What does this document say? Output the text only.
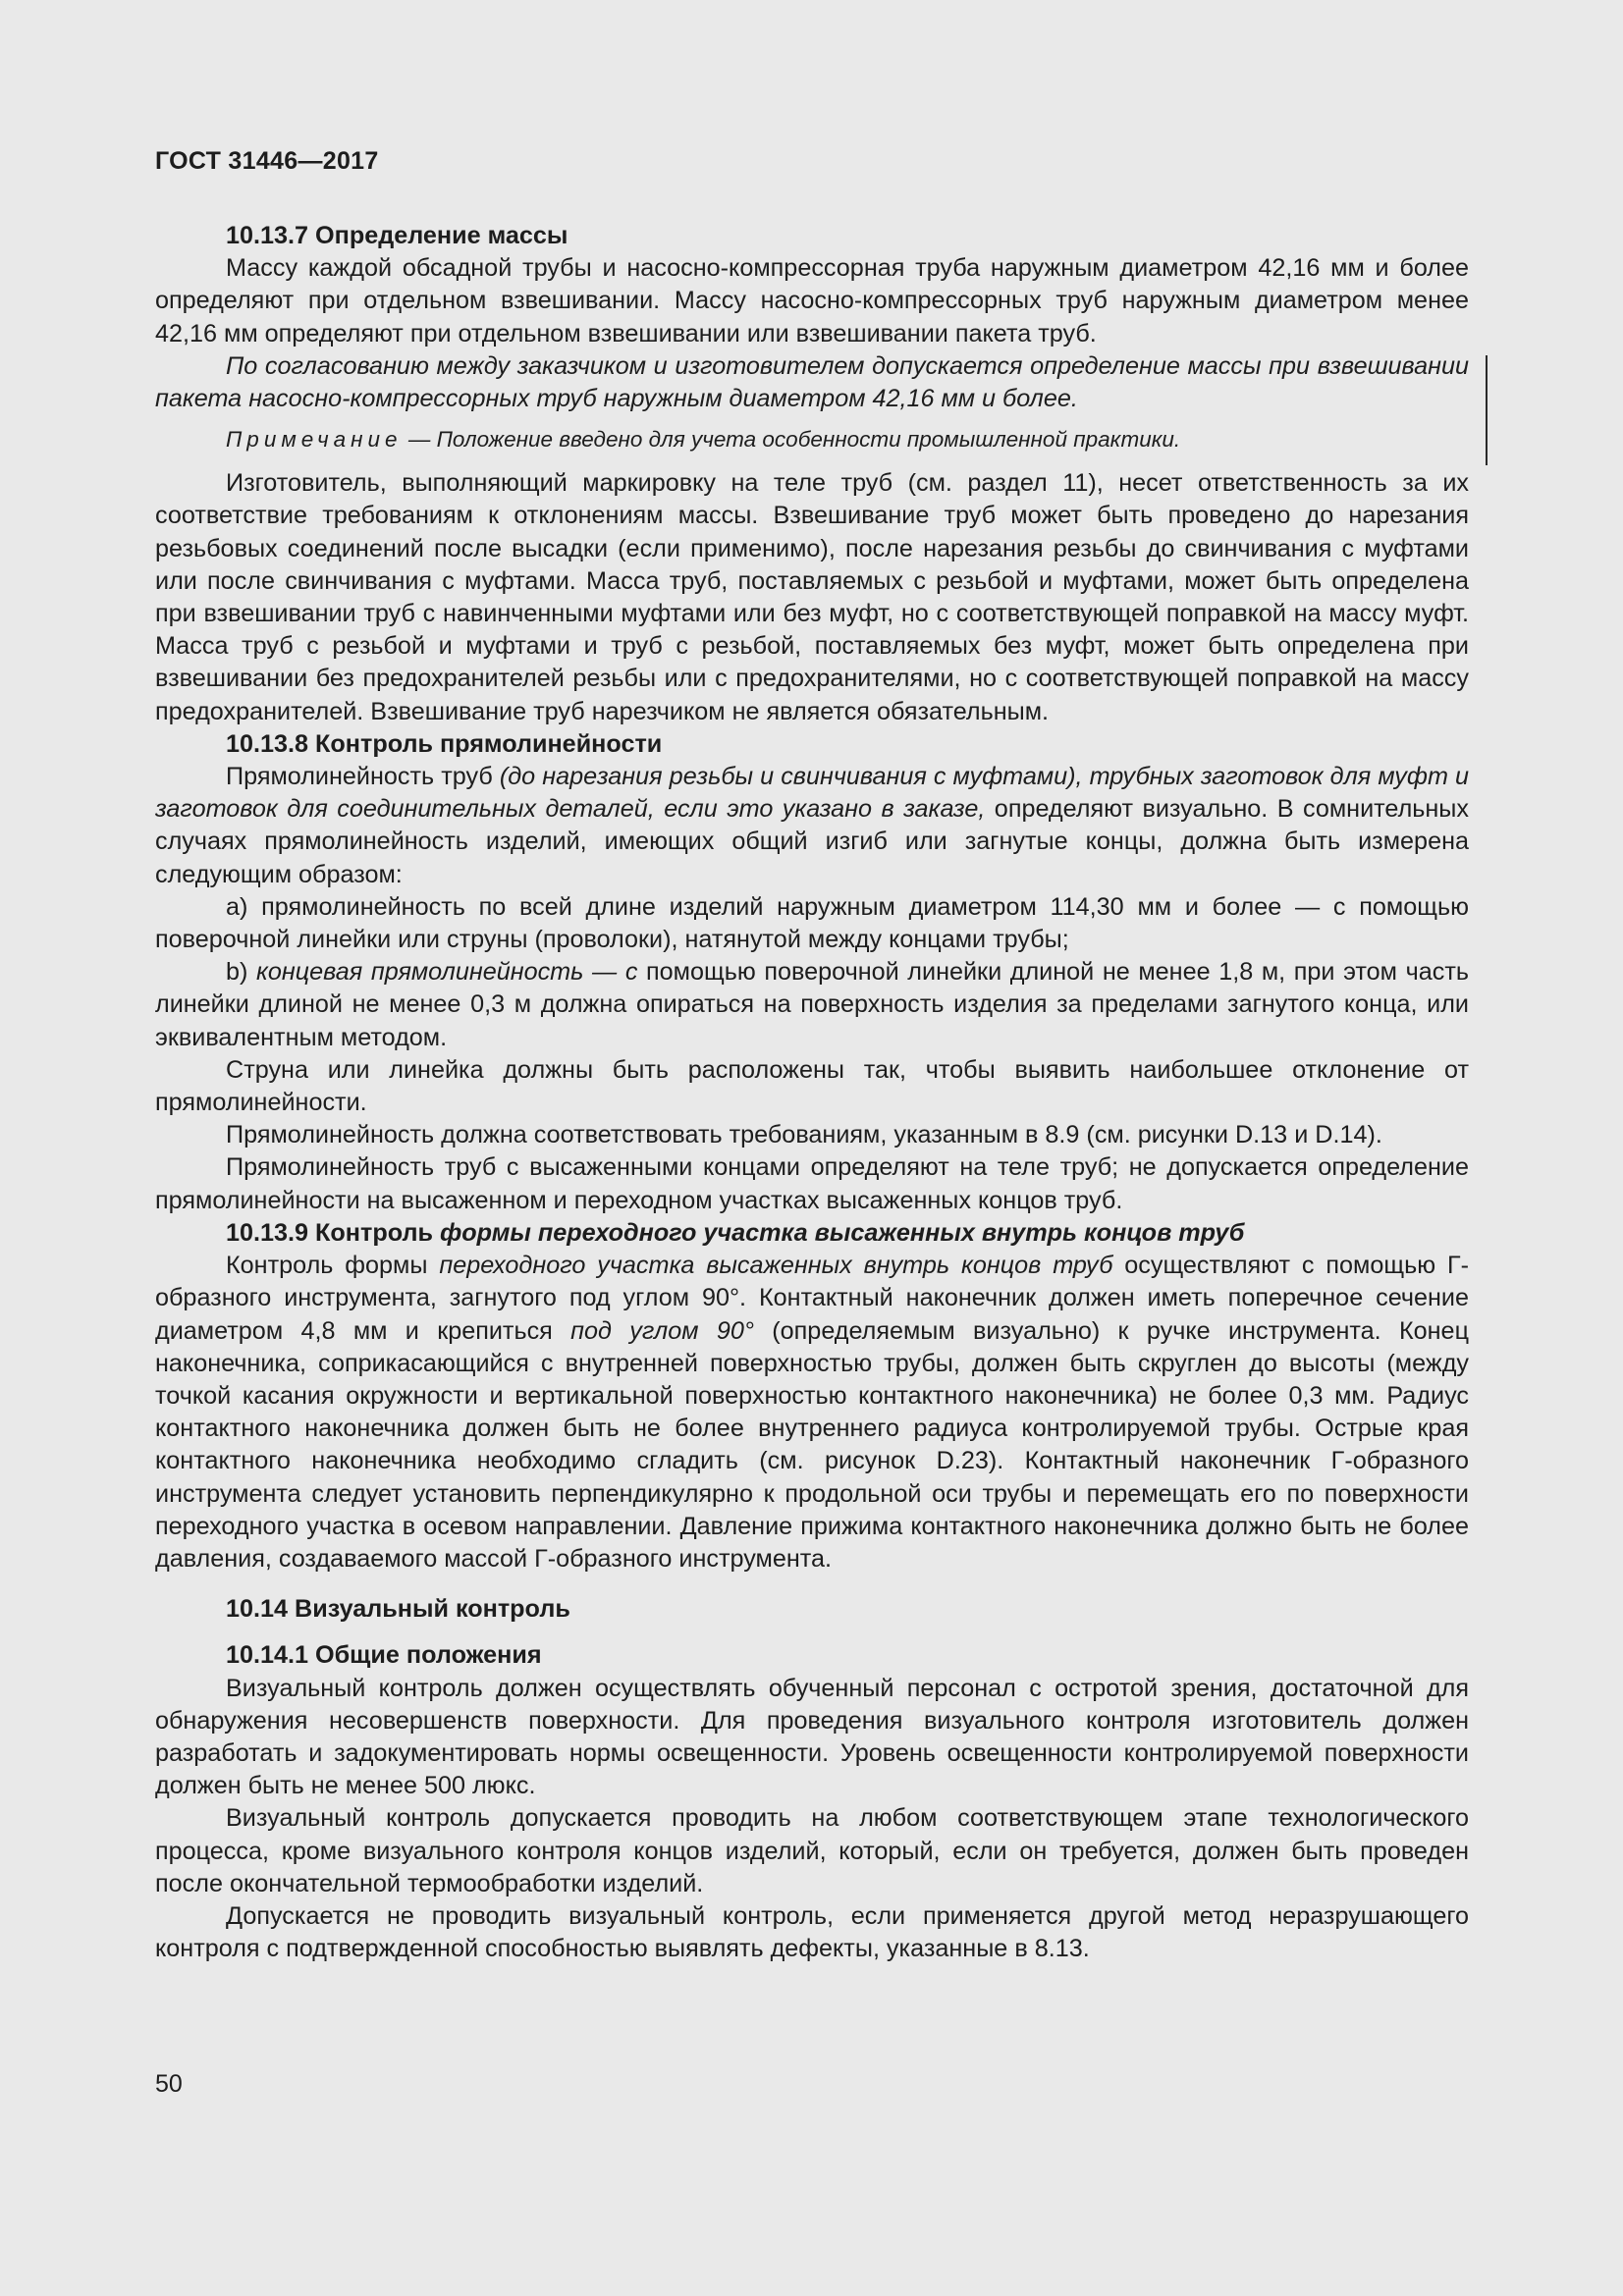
ГОСТ 31446—2017
10.13.7 Определение массы

Массу каждой обсадной трубы и насосно-компрессорная труба наружным диаметром 42,16 мм и более определяют при отдельном взвешивании. Массу насосно-компрессорных труб наружным диаметром менее 42,16 мм определяют при отдельном взвешивании или взвешивании пакета труб.

По согласованию между заказчиком и изготовителем допускается определение массы при взвешивании пакета насосно-компрессорных труб наружным диаметром 42,16 мм и более.

Примечание — Положение введено для учета особенности промышленной практики.

Изготовитель, выполняющий маркировку на теле труб (см. раздел 11), несет ответственность за их соответствие требованиям к отклонениям массы. Взвешивание труб может быть проведено до нарезания резьбовых соединений после высадки (если применимо), после нарезания резьбы до свинчивания с муфтами или после свинчивания с муфтами. Масса труб, поставляемых с резьбой и муфтами, может быть определена при взвешивании труб с навинченными муфтами или без муфт, но с соответствующей поправкой на массу муфт. Масса труб с резьбой и муфтами и труб с резьбой, поставляемых без муфт, может быть определена при взвешивании без предохранителей резьбы или с предохранителями, но с соответствующей поправкой на массу предохранителей. Взвешивание труб нарезчиком не является обязательным.

10.13.8 Контроль прямолинейности

Прямолинейность труб (до нарезания резьбы и свинчивания с муфтами), трубных заготовок для муфт и заготовок для соединительных деталей, если это указано в заказе, определяют визуально. В сомнительных случаях прямолинейность изделий, имеющих общий изгиб или загнутые концы, должна быть измерена следующим образом:

а) прямолинейность по всей длине изделий наружным диаметром 114,30 мм и более — с помощью поверочной линейки или струны (проволоки), натянутой между концами трубы;

b) концевая прямолинейность — с помощью поверочной линейки длиной не менее 1,8 м, при этом часть линейки длиной не менее 0,3 м должна опираться на поверхность изделия за пределами загнутого конца, или эквивалентным методом.

Струна или линейка должны быть расположены так, чтобы выявить наибольшее отклонение от прямолинейности.

Прямолинейность должна соответствовать требованиям, указанным в 8.9 (см. рисунки D.13 и D.14).

Прямолинейность труб с высаженными концами определяют на теле труб; не допускается определение прямолинейности на высаженном и переходном участках высаженных концов труб.

10.13.9 Контроль формы переходного участка высаженных внутрь концов труб

Контроль формы переходного участка высаженных внутрь концов труб осуществляют с помощью Г-образного инструмента, загнутого под углом 90°. Контактный наконечник должен иметь поперечное сечение диаметром 4,8 мм и крепиться под углом 90° (определяемым визуально) к ручке инструмента. Конец наконечника, соприкасающийся с внутренней поверхностью трубы, должен быть скруглен до высоты (между точкой касания окружности и вертикальной поверхностью контактного наконечника) не более 0,3 мм. Радиус контактного наконечника должен быть не более внутреннего радиуса контролируемой трубы. Острые края контактного наконечника необходимо сгладить (см. рисунок D.23). Контактный наконечник Г-образного инструмента следует установить перпендикулярно к продольной оси трубы и перемещать его по поверхности переходного участка в осевом направлении. Давление прижима контактного наконечника должно быть не более давления, создаваемого массой Г-образного инструмента.

10.14 Визуальный контроль
10.14.1 Общие положения

Визуальный контроль должен осуществлять обученный персонал с остротой зрения, достаточной для обнаружения несовершенств поверхности. Для проведения визуального контроля изготовитель должен разработать и задокументировать нормы освещенности. Уровень освещенности контролируемой поверхности должен быть не менее 500 люкс.

Визуальный контроль допускается проводить на любом соответствующем этапе технологического процесса, кроме визуального контроля концов изделий, который, если он требуется, должен быть проведен после окончательной термообработки изделий.

Допускается не проводить визуальный контроль, если применяется другой метод неразрушающего контроля с подтвержденной способностью выявлять дефекты, указанные в 8.13.

50
